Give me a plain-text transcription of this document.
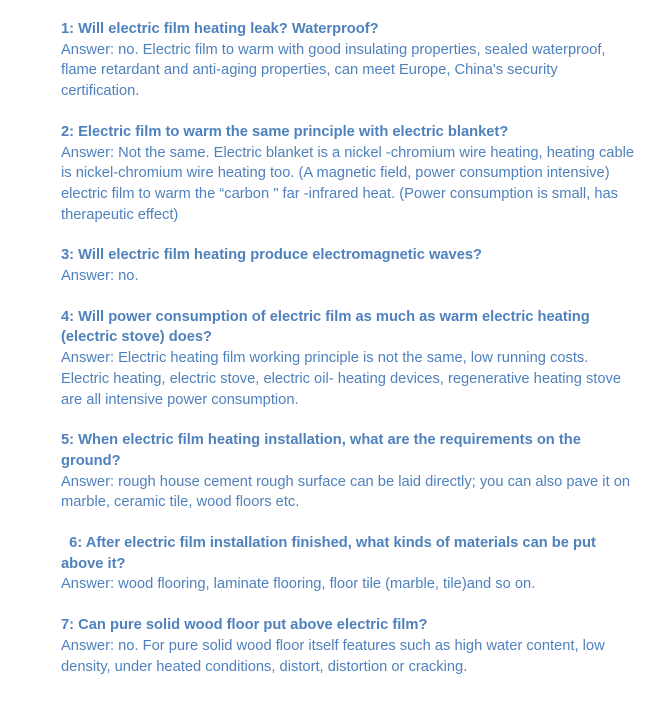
1: Will electric film heating leak? Waterproof?

Answer: no. Electric film to warm with good insulating properties, sealed waterproof, flame retardant and anti-aging properties, can meet Europe, China's security certification.

2: Electric film to warm the same principle with electric blanket?

Answer: Not the same. Electric blanket is a nickel -chromium wire heating, heating cable is nickel-chromium wire heating too. (A magnetic field, power consumption intensive) electric film to warm the “carbon " far -infrared heat. (Power consumption is small, has therapeutic effect)

3: Will electric film heating produce electromagnetic waves?

Answer: no.

4: Will power consumption of electric film as much as warm electric heating (electric stove) does?

Answer: Electric heating film working principle is not the same, low running costs. Electric heating, electric stove, electric oil- heating devices, regenerative heating stove are all intensive power consumption.

5: When electric film heating installation, what are the requirements on the ground?

Answer: rough house cement rough surface can be laid directly; you can also pave it on marble, ceramic tile, wood floors etc.

6: After electric film installation finished, what kinds of materials can be put above it?

Answer: wood flooring, laminate flooring, floor tile (marble, tile)and so on.

7: Can pure solid wood floor put above electric film?

Answer: no. For pure solid wood floor itself features such as high water content, low density, under heated conditions, distort, distortion or cracking.
